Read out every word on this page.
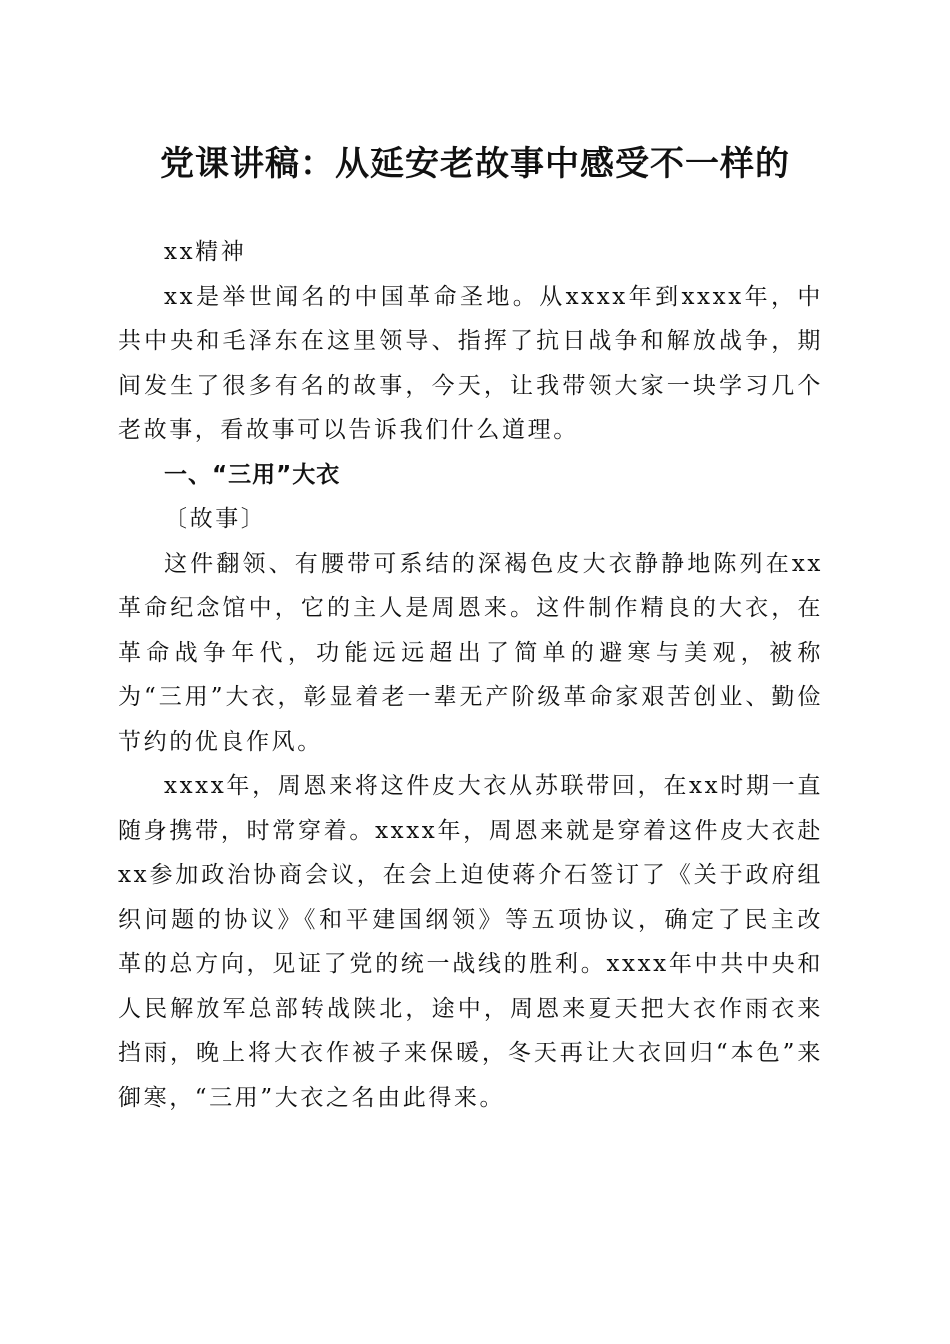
党课讲稿：从延安老故事中感受不一样的

xx精神

xx是举世闻名的中国革命圣地。从xxxx年到xxxx年，中共中央和毛泽东在这里领导、指挥了抗日战争和解放战争，期间发生了很多有名的故事，今天，让我带领大家一块学习几个老故事，看故事可以告诉我们什么道理。

一、“三用”大衣

〔故事〕

这件翻领、有腰带可系结的深褐色皮大衣静静地陈列在xx革命纪念馆中，它的主人是周恩来。这件制作精良的大衣，在革命战争年代，功能远远超出了简单的避寒与美观，被称为“三用”大衣，彰显着老一辈无产阶级革命家艰苦创业、勤俭节约的优良作风。

xxxx年，周恩来将这件皮大衣从苏联带回，在xx时期一直随身携带，时常穿着。xxxx年，周恩来就是穿着这件皮大衣赴xx参加政治协商会议，在会上迫使蒋介石签订了《关于政府组织问题的协议》《和平建国纲领》等五项协议，确定了民主改革的总方向，见证了党的统一战线的胜利。xxxx年中共中央和人民解放军总部转战陕北，途中，周恩来夏天把大衣作雨衣来挡雨，晚上将大衣作被子来保暖，冬天再让大衣回归“本色”来御寒，“三用”大衣之名由此得来。
